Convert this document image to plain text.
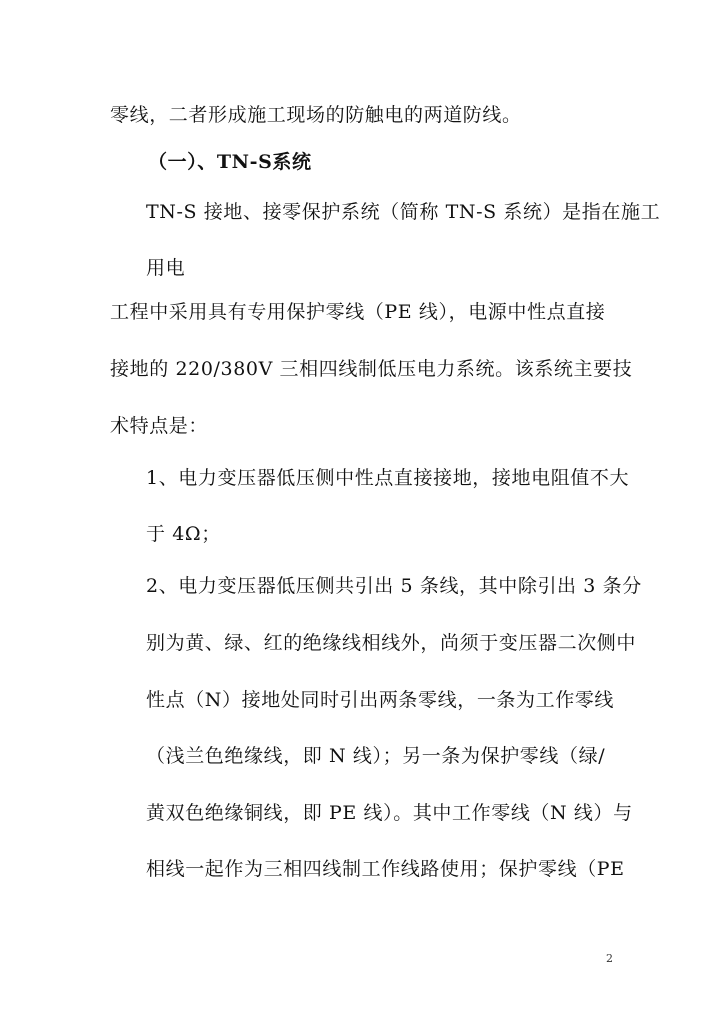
零线，二者形成施工现场的防触电的两道防线。
（一）、TN-S系统
TN-S 接地、接零保护系统（简称 TN-S 系统）是指在施工
用电
工程中采用具有专用保护零线（PE 线），电源中性点直接
接地的 220/380V 三相四线制低压电力系统。该系统主要技
术特点是：
1、电力变压器低压侧中性点直接接地，接地电阻值不大
于 4Ω；
2、电力变压器低压侧共引出 5 条线，其中除引出 3 条分
别为黄、绿、红的绝缘线相线外，尚须于变压器二次侧中
性点（N）接地处同时引出两条零线，一条为工作零线
（浅兰色绝缘线，即 N 线）；另一条为保护零线（绿/
黄双色绝缘铜线，即 PE 线）。其中工作零线（N 线）与
相线一起作为三相四线制工作线路使用；保护零线（PE
2
